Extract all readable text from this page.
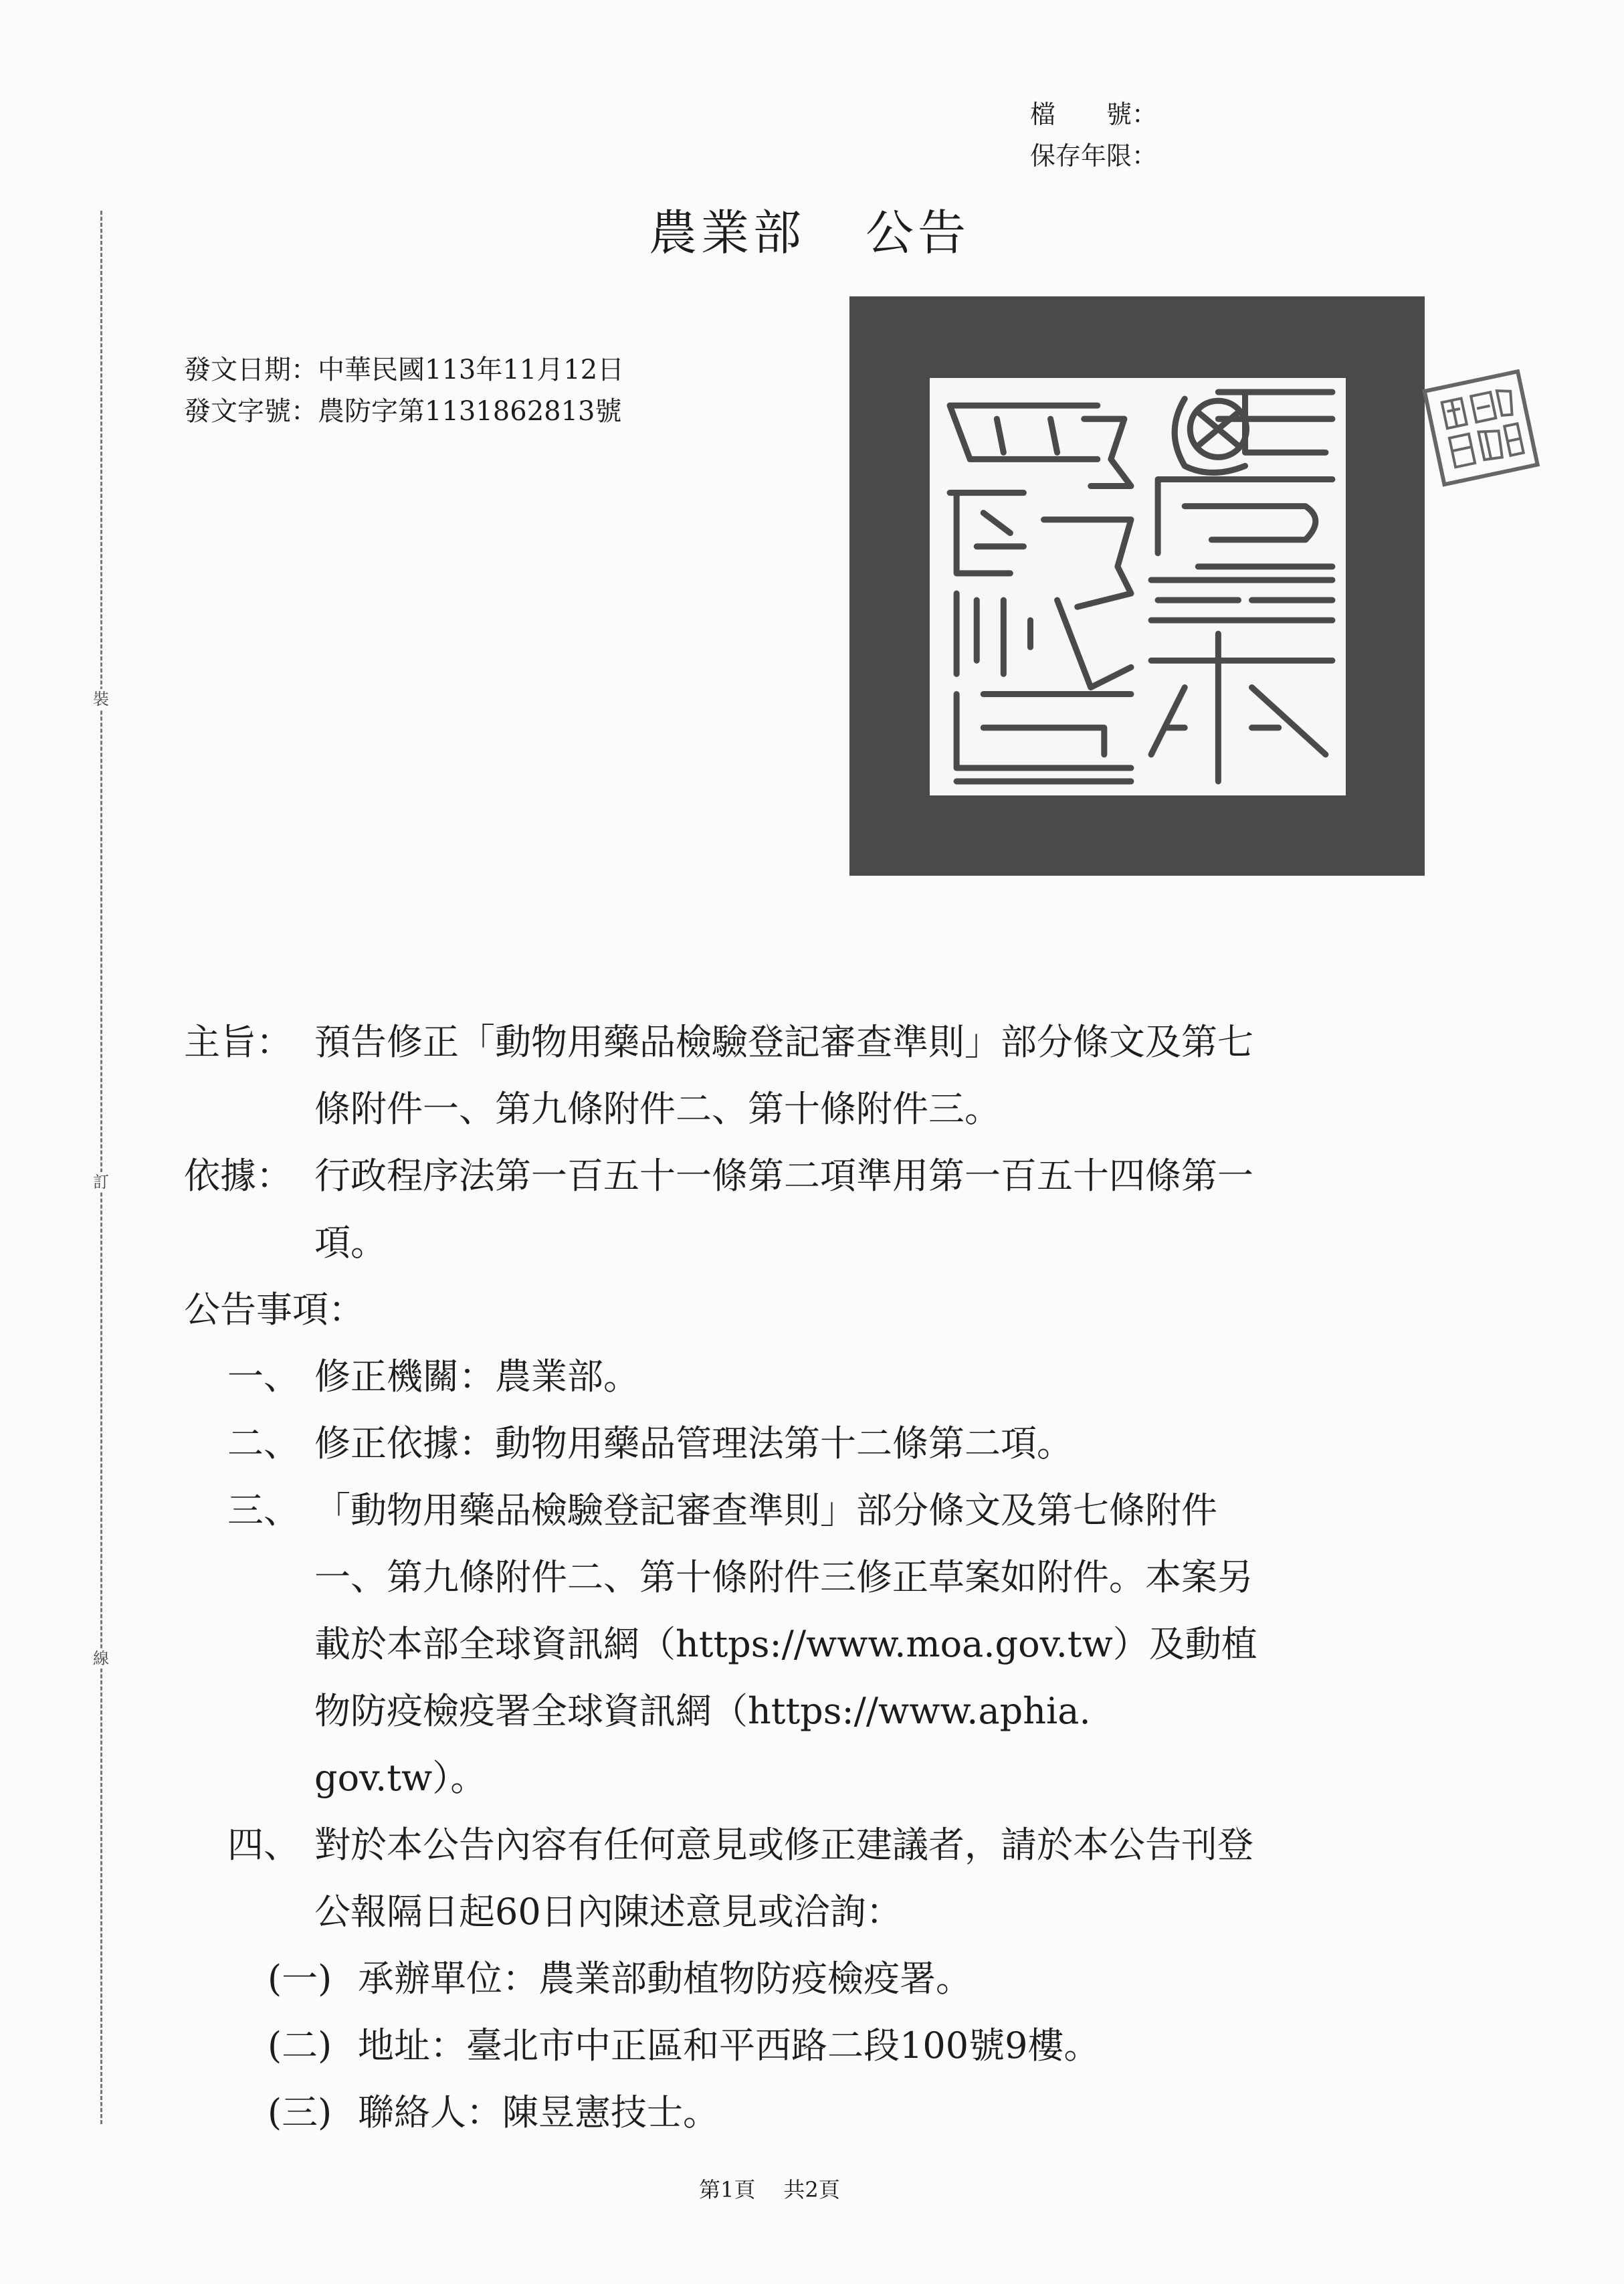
檔　　號：
保存年限：
裝
訂
線
農業部 公告
發文日期：中華民國113年11月12日
發文字號：農防字第1131862813號
主旨： 預告修正「動物用藥品檢驗登記審查準則」部分條文及第七
條附件一、第九條附件二、第十條附件三。
依據： 行政程序法第一百五十一條第二項準用第一百五十四條第一
項。
公告事項：
一、 修正機關：農業部。
二、 修正依據：動物用藥品管理法第十二條第二項。
三、 「動物用藥品檢驗登記審查準則」部分條文及第七條附件
一、第九條附件二、第十條附件三修正草案如附件。本案另
載於本部全球資訊網（https://www.moa.gov.tw）及動植
物防疫檢疫署全球資訊網（https://www.aphia.
gov.tw）。
四、 對於本公告內容有任何意見或修正建議者，請於本公告刊登
公報隔日起60日內陳述意見或洽詢：
(一) 承辦單位：農業部動植物防疫檢疫署。
(二) 地址：臺北市中正區和平西路二段100號9樓。
(三) 聯絡人：陳昱憲技士。
第1頁 共2頁
